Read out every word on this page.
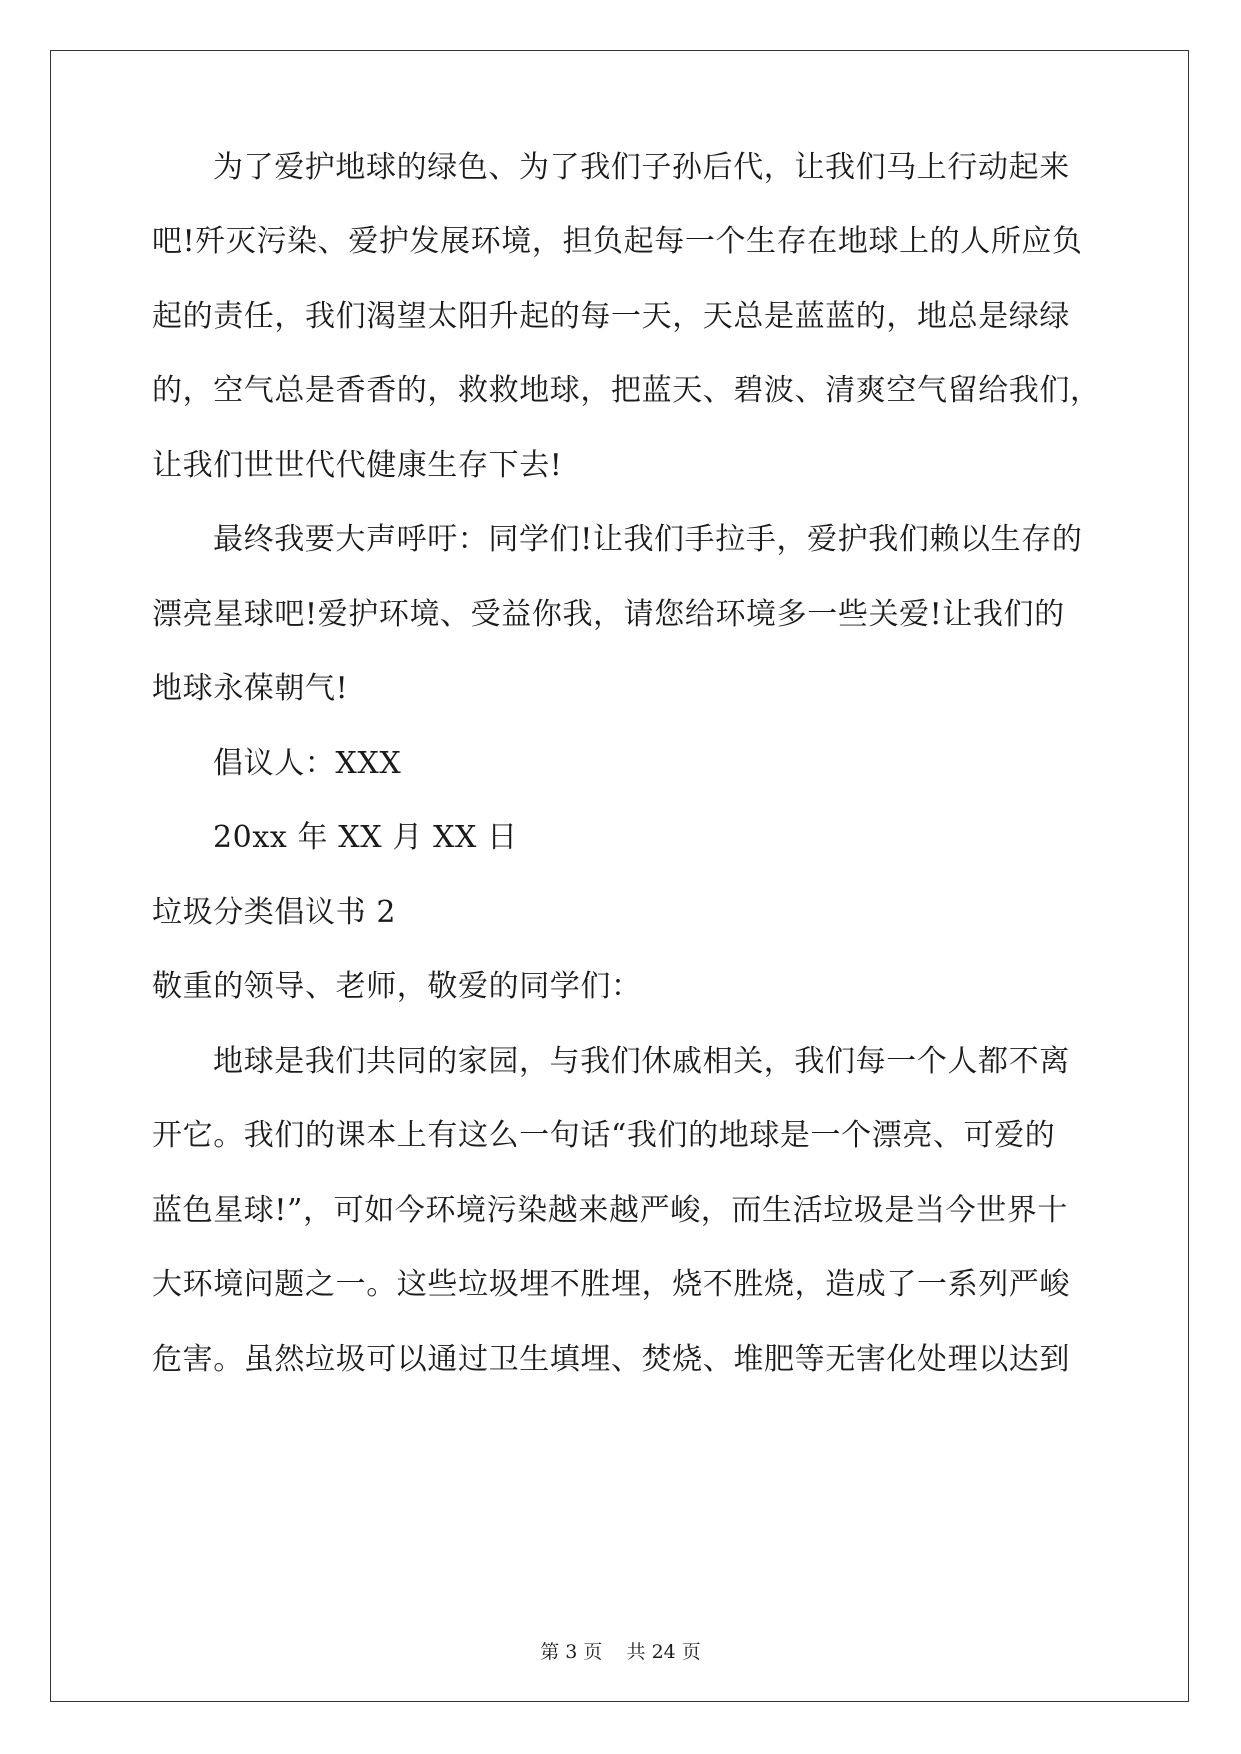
为了爱护地球的绿色、为了我们子孙后代，让我们马上行动起来
吧!歼灭污染、爱护发展环境，担负起每一个生存在地球上的人所应负
起的责任，我们渴望太阳升起的每一天，天总是蓝蓝的，地总是绿绿
的，空气总是香香的，救救地球，把蓝天、碧波、清爽空气留给我们，
让我们世世代代健康生存下去!
最终我要大声呼吁：同学们!让我们手拉手，爱护我们赖以生存的
漂亮星球吧!爱护环境、受益你我，请您给环境多一些关爱!让我们的
地球永葆朝气!
倡议人：XXX
20xx 年 XX 月 XX 日
垃圾分类倡议书 2
敬重的领导、老师，敬爱的同学们：
地球是我们共同的家园，与我们休戚相关，我们每一个人都不离
开它。我们的课本上有这么一句话“我们的地球是一个漂亮、可爱的
蓝色星球!”，可如今环境污染越来越严峻，而生活垃圾是当今世界十
大环境问题之一。这些垃圾埋不胜埋，烧不胜烧，造成了一系列严峻
危害。虽然垃圾可以通过卫生填埋、焚烧、堆肥等无害化处理以达到
第 3 页    共 24 页
